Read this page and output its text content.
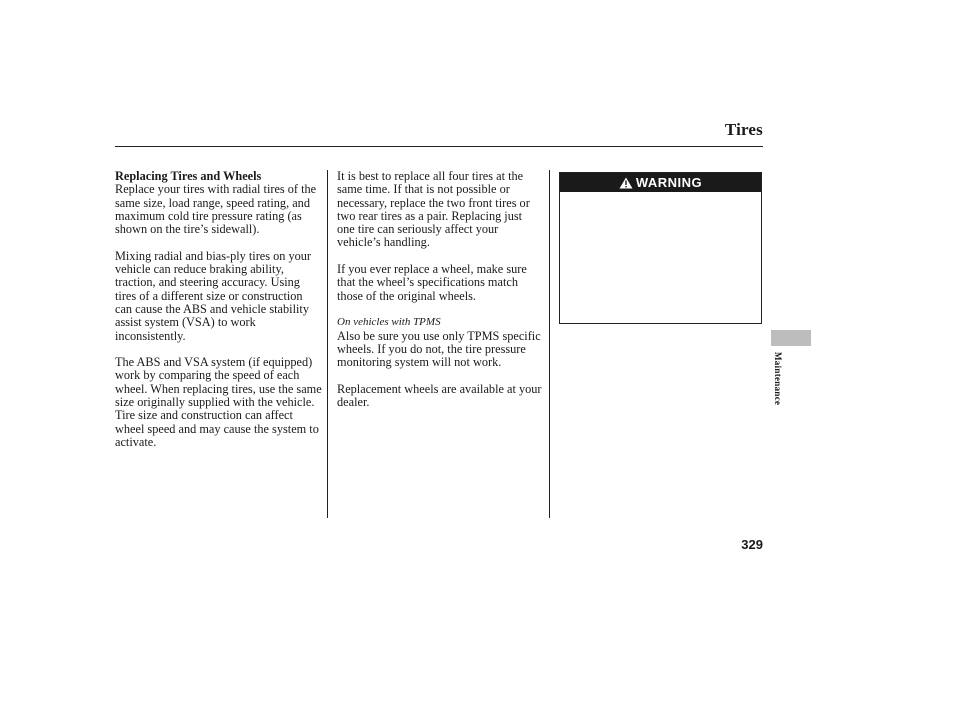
Tires
Replacing Tires and Wheels

Replace your tires with radial tires of the same size, load range, speed rating, and maximum cold tire pressure rating (as shown on the tire’s sidewall).

Mixing radial and bias-ply tires on your vehicle can reduce braking ability, traction, and steering accuracy. Using tires of a different size or construction can cause the ABS and vehicle stability assist system (VSA) to work inconsistently.

The ABS and VSA system (if equipped) work by comparing the speed of each wheel. When replacing tires, use the same size originally supplied with the vehicle. Tire size and construction can affect wheel speed and may cause the system to activate.

It is best to replace all four tires at the same time. If that is not possible or necessary, replace the two front tires or two rear tires as a pair. Replacing just one tire can seriously affect your vehicle’s handling.

If you ever replace a wheel, make sure that the wheel’s specifications match those of the original wheels.

On vehicles with TPMS

Also be sure you use only TPMS specific wheels. If you do not, the tire pressure monitoring system will not work.

Replacement wheels are available at your dealer.

WARNING
Maintenance
329
